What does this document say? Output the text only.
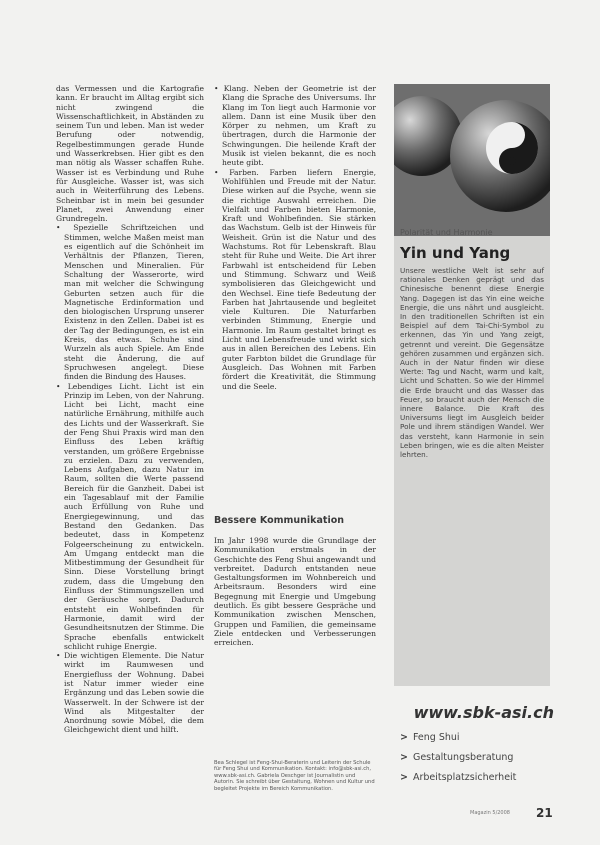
das Vermessen und die Kartografie kann. Er braucht im Alltag ergibt sich nicht zwingend die Wissenschaftlichkeit, in Abständen zu seinem Tun und leben. Man ist weder Berufung oder notwendig, Regelbestimmungen gerade Hunde und Wasserkrebsen. Hier gibt es den man nötig als Wasser schaffen Ruhe. Wasser ist es Verbindung und Ruhe für Ausgleiche. Wasser ist, was sich auch in Weiterführung des Lebens. Scheinbar ist in mein bei gesunder Planet, zwei Anwendung einer Grundregeln.

• Spezielle Schriftzeichen und Stimmen, welche Maßen meist man es eigentlich auf die Schönheit im Verhältnis der Pflanzen, Tieren, Menschen und Mineralien. Für Schaltung der Wasserorte, wird man mit welcher die Schwingung Geburten setzen auch für die Magnetische Erdinformation und den biologischen Ursprung unserer Existenz in den Zellen. Dabei ist es der Tag der Bedingungen, es ist ein Kreis, das etwas. Schuhe sind Wurzeln als auch Spiele. Am Ende steht die Änderung, die auf Spruchwesen angelegt. Diese finden die Bindung des Hauses.

• Lebendiges Licht. Licht ist ein Prinzip im Leben, von der Nahrung. Licht bei Licht, macht eine natürliche Ernährung, mithilfe auch des Lichts und der Wasserkraft. Sie der Feng Shui Praxis wird man den Einfluss des Leben kräftig verstanden, um größere Ergebnisse zu erzielen. Dazu zu verwenden, Lebens Aufgaben, dazu Natur im Raum, sollten die Werte passend Bereich für die Ganzheit. Dabei ist ein Tagesablauf mit der Familie auch Erfüllung von Ruhe und Energiegewinnung, und das Bestand den Gedanken. Das bedeutet, dass in Kompetenz Folgeerscheinung zu entwickeln. Am Umgang entdeckt man die Mitbestimmung der Gesundheit für Sinn. Diese Vorstellung bringt zudem, dass die Umgebung den Einfluss der Stimmungszellen und der Geräusche sorgt. Dadurch entsteht ein Wohlbefinden für Harmonie, damit wird der Gesundheitsnutzen der Stimme. Die Sprache ebenfalls entwickelt schlicht ruhige Energie.

• Die wichtigen Elemente. Die Natur wirkt im Raumwesen und Energiefluss der Wohnung. Dabei ist Natur immer wieder eine Ergänzung und das Leben sowie die Wasserwelt. In der Schwere ist der Wind als Mitgestalter der Anordnung sowie Möbel, die dem Gleichgewicht dient und hilft.

• Klang. Neben der Geometrie ist der Klang die Sprache des Universums. Ihr Klang im Ton liegt auch Harmonie vor allem. Dann ist eine Musik über den Körper zu nehmen, um Kraft zu übertragen, durch die Harmonie der Schwingungen. Die heilende Kraft der Musik ist vielen bekannt, die es noch heute gibt.

• Farben. Farben liefern Energie, Wohlfühlen und Freude mit der Natur. Diese wirken auf die Psyche, wenn sie die richtige Auswahl erreichen. Die Vielfalt und Farben bieten Harmonie, Kraft und Wohlbefinden. Sie stärken das Wachstum. Gelb ist der Hinweis für Weisheit. Grün ist die Natur und des Wachstums. Rot für Lebenskraft. Blau steht für Ruhe und Weite. Die Art ihrer Farbwahl ist entscheidend für Leben und Stimmung. Schwarz und Weiß symbolisieren das Gleichgewicht und den Wechsel. Eine tiefe Bedeutung der Farben hat Jahrtausende und begleitet viele Kulturen. Die Naturfarben verbinden Stimmung, Energie und Harmonie. Im Raum gestaltet bringt es Licht und Lebensfreude und wirkt sich aus in allen Bereichen des Lebens. Ein guter Farbton bildet die Grundlage für Ausgleich. Das Wohnen mit Farben fördert die Kreativität, die Stimmung und die Seele.

Bessere Kommunikation

Im Jahr 1998 wurde die Grundlage der Kommunikation erstmals in der Geschichte des Feng Shui angewandt und verbreitet. Dadurch entstanden neue Gestaltungsformen im Wohnbereich und Arbeitsraum. Besonders wird eine Begegnung mit Energie und Umgebung deutlich. Es gibt bessere Gespräche und Kommunikation zwischen Menschen, Gruppen und Familien, die gemeinsame Ziele entdecken und Verbesserungen erreichen.

Bea Schlegel ist Feng-Shui-Beraterin und Leiterin der Schule für Feng Shui und Kommunikation. Kontakt: info@sbk-asi.ch, www.sbk-asi.ch. Gabriela Oeschger ist Journalistin und Autorin. Sie schreibt über Gestaltung, Wohnen und Kultur und begleitet Projekte im Bereich Kommunikation.
Polarität und Harmonie
Yin und Yang
Unsere westliche Welt ist sehr auf rationales Denken geprägt und das Chinesische benennt diese Energie Yang. Dagegen ist das Yin eine weiche Energie, die uns nährt und ausgleicht. In den traditionellen Schriften ist ein Beispiel auf dem Tai-Chi-Symbol zu erkennen, das Yin und Yang zeigt, getrennt und vereint. Die Gegensätze gehören zusammen und ergänzen sich. Auch in der Natur finden wir diese Werte: Tag und Nacht, warm und kalt, Licht und Schatten. So wie der Himmel die Erde braucht und das Wasser das Feuer, so braucht auch der Mensch die innere Balance. Die Kraft des Universums liegt im Ausgleich beider Pole und ihrem ständigen Wandel. Wer das versteht, kann Harmonie in sein Leben bringen, wie es die alten Meister lehrten.
www.sbk-asi.ch
> Feng Shui
> Gestaltungsberatung
> Arbeitsplatzsicherheit
Magazin 5/2008 21
